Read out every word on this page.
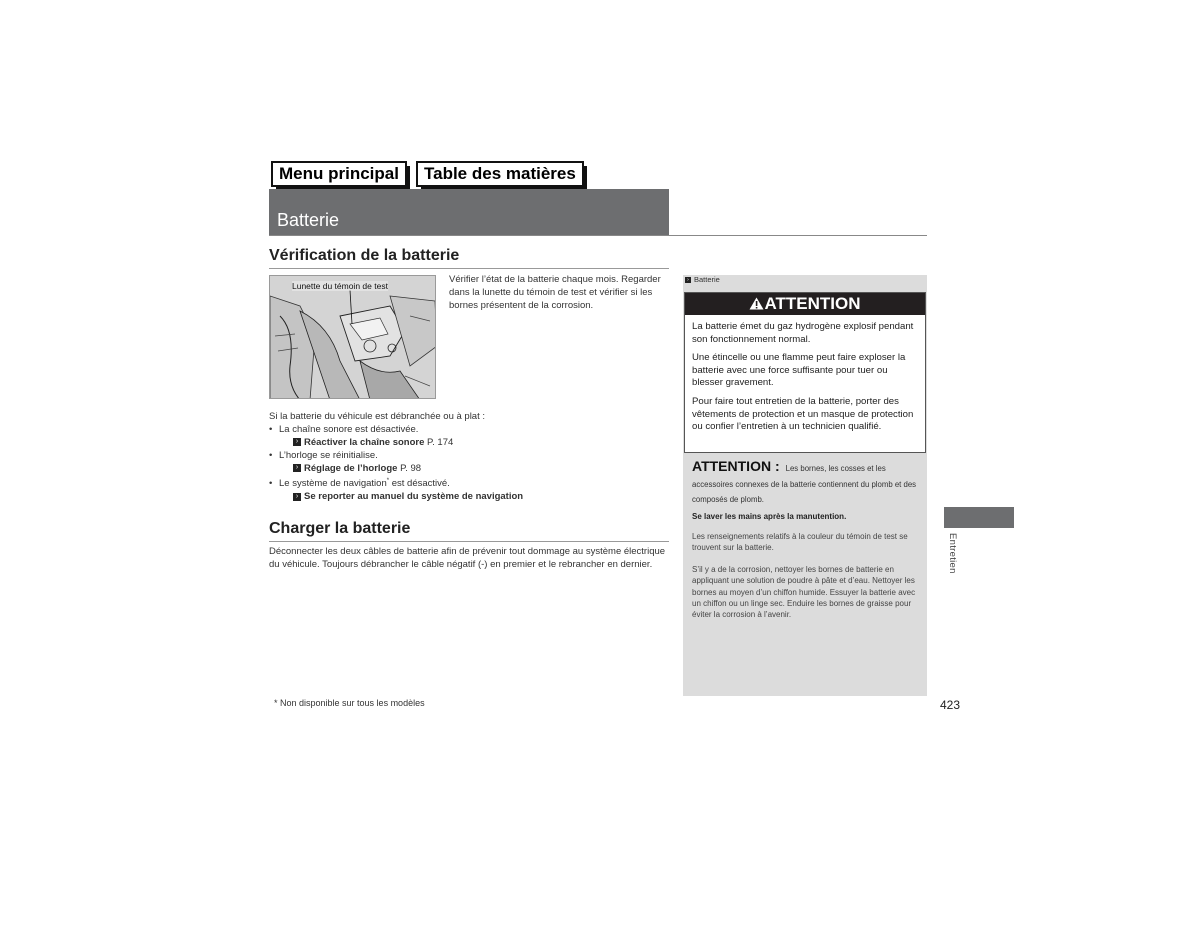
Menu principal	Table des matières
Batterie
Vérification de la batterie
Lunette du témoin de test
Vérifier l’état de la batterie chaque mois. Regarder dans la lunette du témoin de test et vérifier si les bornes présentent de la corrosion.
Si la batterie du véhicule est débranchée ou à plat :
• La chaîne sonore est désactivée.
› Réactiver la chaîne sonore P. 174
• L’horloge se réinitialise.
› Réglage de l’horloge P. 98
• Le système de navigation* est désactivé.
› Se reporter au manuel du système de navigation
Charger la batterie
Déconnecter les deux câbles de batterie afin de prévenir tout dommage au système électrique du véhicule. Toujours débrancher le câble négatif (-) en premier et le rebrancher en dernier.
› Batterie
ATTENTION

La batterie émet du gaz hydrogène explosif pendant son fonctionnement normal.

Une étincelle ou une flamme peut faire exploser la batterie avec une force suffisante pour tuer ou blesser gravement.

Pour faire tout entretien de la batterie, porter des vêtements de protection et un masque de protection ou confier l’entretien à un technicien qualifié.

ATTENTION : Les bornes, les cosses et les accessoires connexes de la batterie contiennent du plomb et des composés de plomb.
Se laver les mains après la manutention.
Les renseignements relatifs à la couleur du témoin de test se trouvent sur la batterie.
S’il y a de la corrosion, nettoyer les bornes de batterie en appliquant une solution de poudre à pâte et d’eau. Nettoyer les bornes au moyen d’un chiffon humide. Essuyer la batterie avec un chiffon ou un linge sec. Enduire les bornes de graisse pour éviter la corrosion à l’avenir.
Entretien
* Non disponible sur tous les modèles	423
